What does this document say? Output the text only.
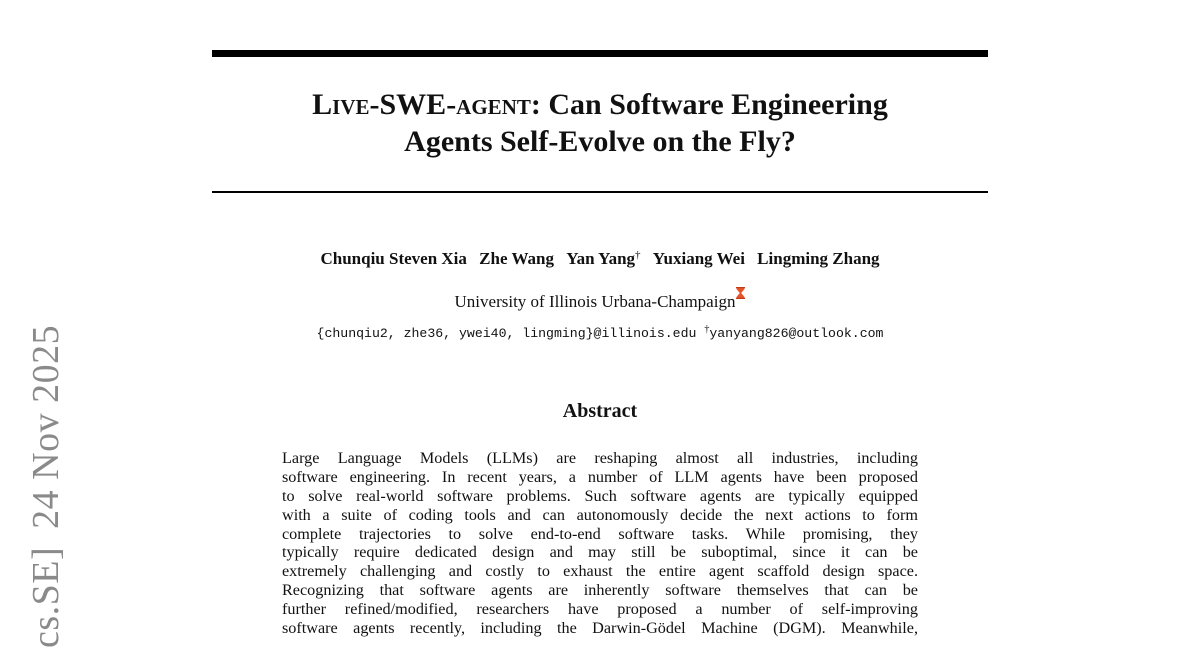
cs.SE]24 Nov 2025
Live-SWE-agent: Can Software Engineering
Agents Self-Evolve on the Fly?

Chunqiu Steven Xia Zhe Wang Yan Yang† Yuxiang Wei Lingming Zhang

University of Illinois Urbana-Champaign

{chunqiu2, zhe36, ywei40, lingming}@illinois.edu †yanyang826@outlook.com

Abstract
Large Language Models (LLMs) are reshaping almost all industries, including
software engineering. In recent years, a number of LLM agents have been proposed
to solve real-world software problems. Such software agents are typically equipped
with a suite of coding tools and can autonomously decide the next actions to form
complete trajectories to solve end-to-end software tasks. While promising, they
typically require dedicated design and may still be suboptimal, since it can be
extremely challenging and costly to exhaust the entire agent scaffold design space.
Recognizing that software agents are inherently software themselves that can be
further refined/modified, researchers have proposed a number of self-improving
software agents recently, including the Darwin-Gödel Machine (DGM). Meanwhile,
